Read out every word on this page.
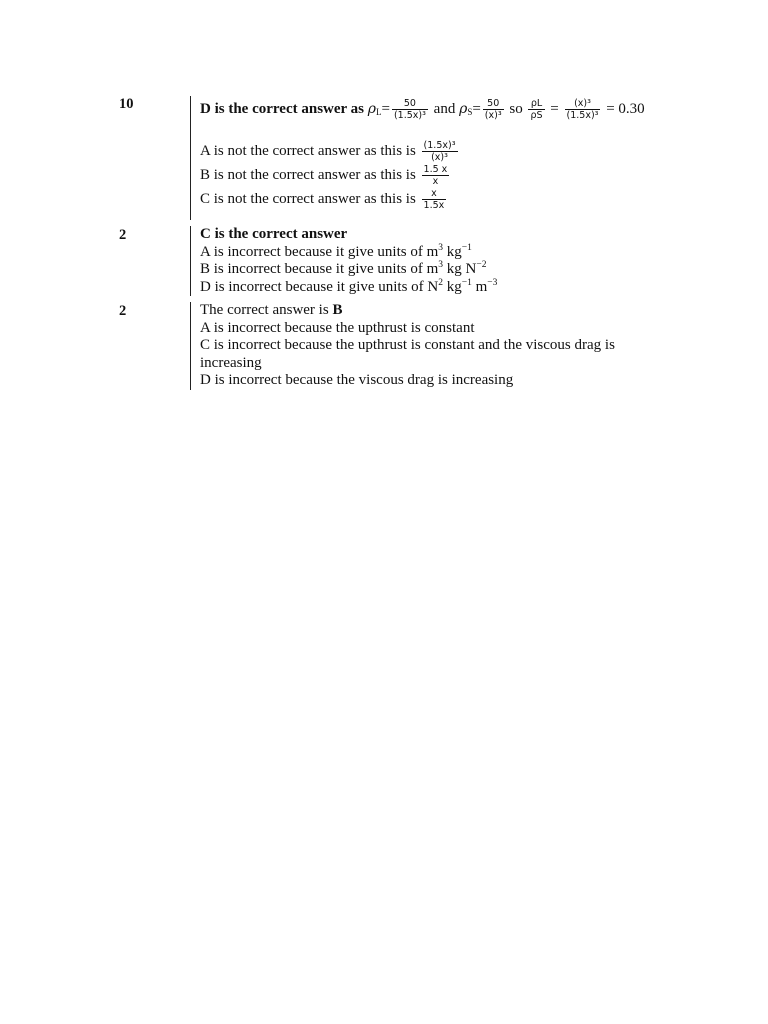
10	D is the correct answer as $\rho_L= \frac{50}{\text{(1.5x)³}}$ and $\rho_S= \frac{50}{\text{(x)³}}$ so $\frac{\rho L}{\rho S} = \frac{\text{(x)³}}{\text{(1.5x)³}} = 0.30$
A is not the correct answer as this is $\frac{\text{(1.5x)³}}{\text{(x)³}}$
B is not the correct answer as this is $\frac{1.5 x}{x}$
C is not the correct answer as this is $\frac{x}{1.5x}$
2	C is the correct answer
A is incorrect because it give units of $m^3$ $kg^{-1}$
B is incorrect because it give units of $m^3$ kg $N^{-2}$
D is incorrect because it give units of $N^2$ $kg^{-1}$ $m^{-3}$
2	The correct answer is B
A is incorrect because the upthrust is constant
C is incorrect because the upthrust is constant and the viscous drag is increasing
D is incorrect because the viscous drag is increasing
